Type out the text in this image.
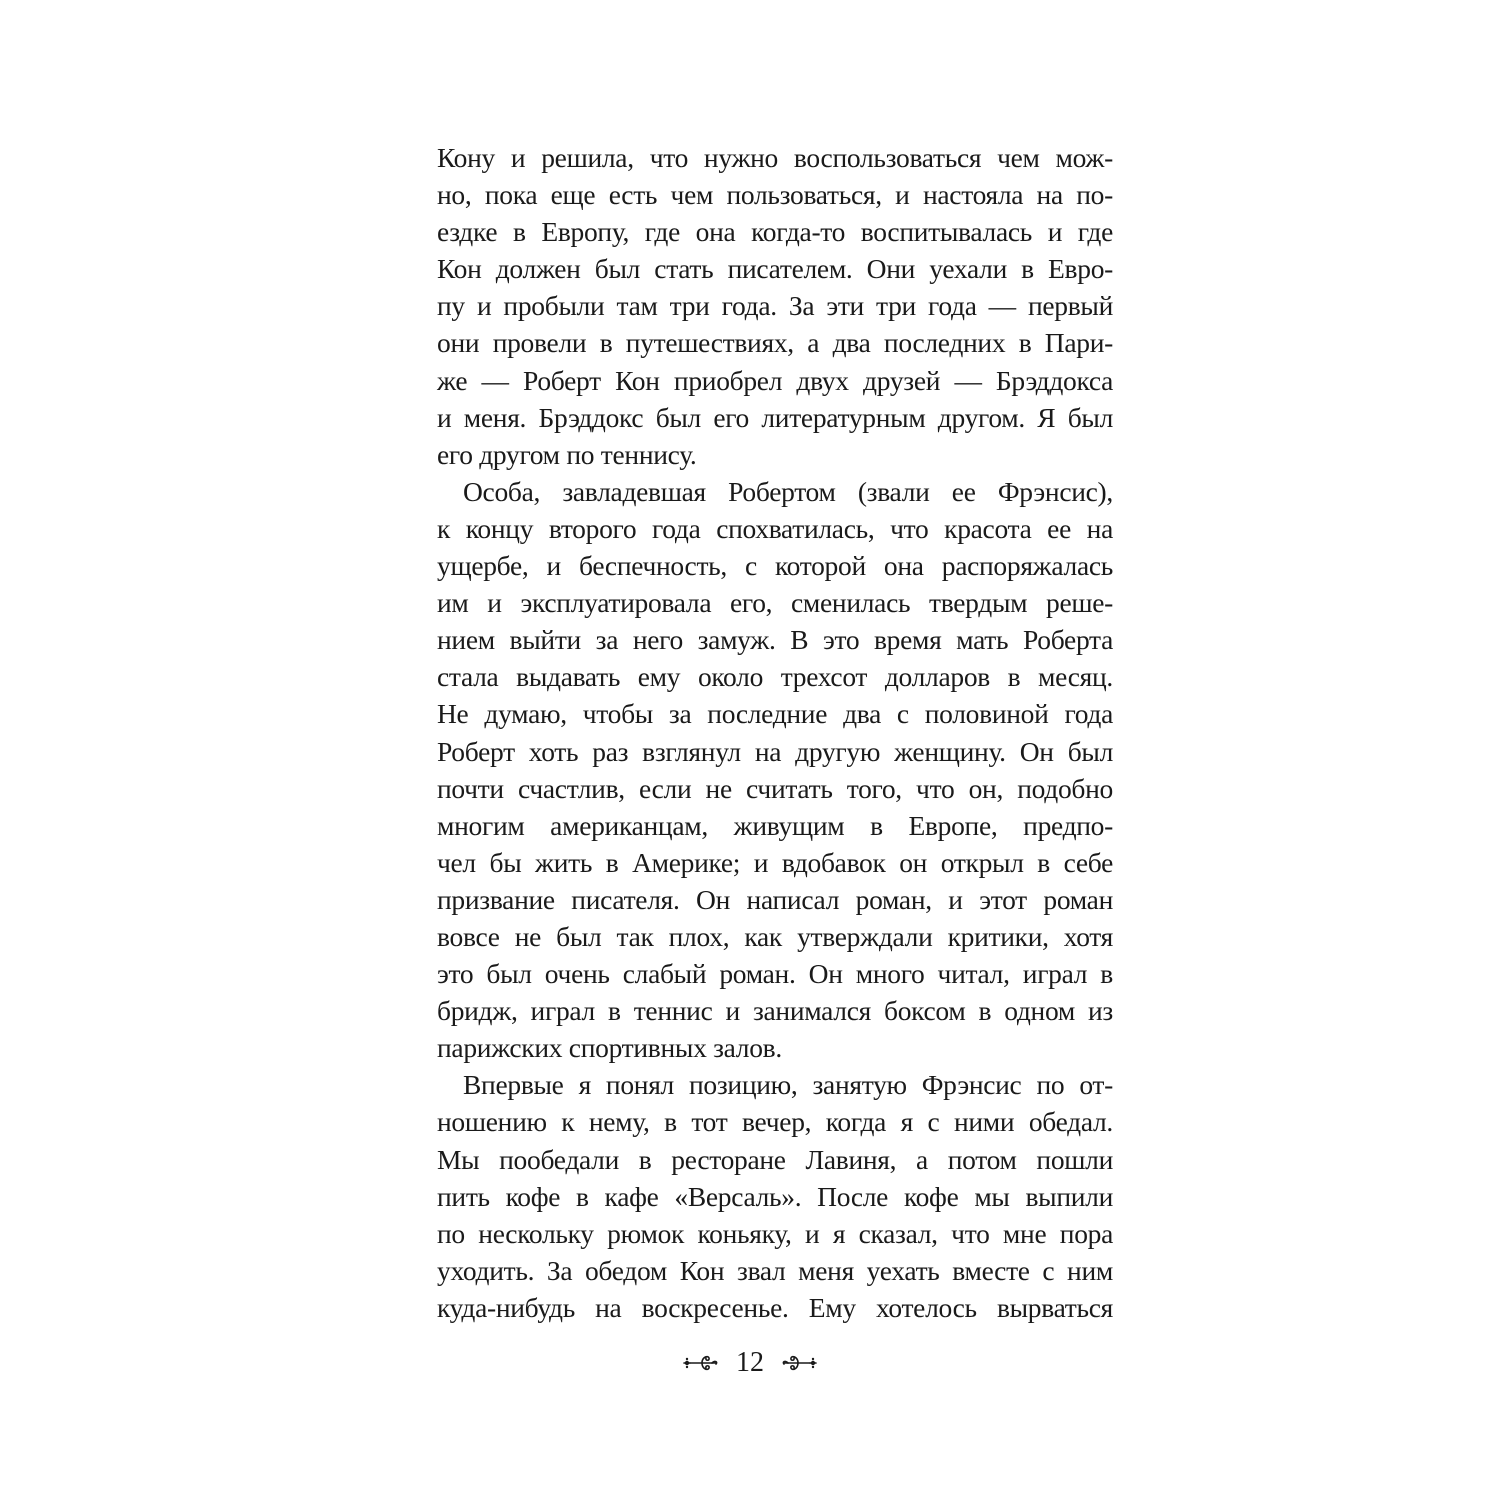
Кону и решила, что нужно воспользоваться чем мож-
но, пока еще есть чем пользоваться, и настояла на по-
ездке в Европу, где она когда-то воспитывалась и где
Кон должен был стать писателем. Они уехали в Евро-
пу и пробыли там три года. За эти три года — первый
они провели в путешествиях, а два последних в Пари-
же — Роберт Кон приобрел двух друзей — Брэддокса
и меня. Брэддокс был его литературным другом. Я был
его другом по теннису.
Особа, завладевшая Робертом (звали ее Фрэнсис),
к концу второго года спохватилась, что красота ее на
ущербе, и беспечность, с которой она распоряжалась
им и эксплуатировала его, сменилась твердым реше-
нием выйти за него замуж. В это время мать Роберта
стала выдавать ему около трехсот долларов в месяц.
Не думаю, чтобы за последние два с половиной года
Роберт хоть раз взглянул на другую женщину. Он был
почти счастлив, если не считать того, что он, подобно
многим американцам, живущим в Европе, предпо-
чел бы жить в Америке; и вдобавок он открыл в себе
призвание писателя. Он написал роман, и этот роман
вовсе не был так плох, как утверждали критики, хотя
это был очень слабый роман. Он много читал, играл в
бридж, играл в теннис и занимался боксом в одном из
парижских спортивных залов.
Впервые я понял позицию, занятую Фрэнсис по от-
ношению к нему, в тот вечер, когда я с ними обедал.
Мы пообедали в ресторане Лавиня, а потом пошли
пить кофе в кафе «Версаль». После кофе мы выпили
по нескольку рюмок коньяку, и я сказал, что мне пора
уходить. За обедом Кон звал меня уехать вместе с ним
куда-нибудь на воскресенье. Ему хотелось вырваться
12
